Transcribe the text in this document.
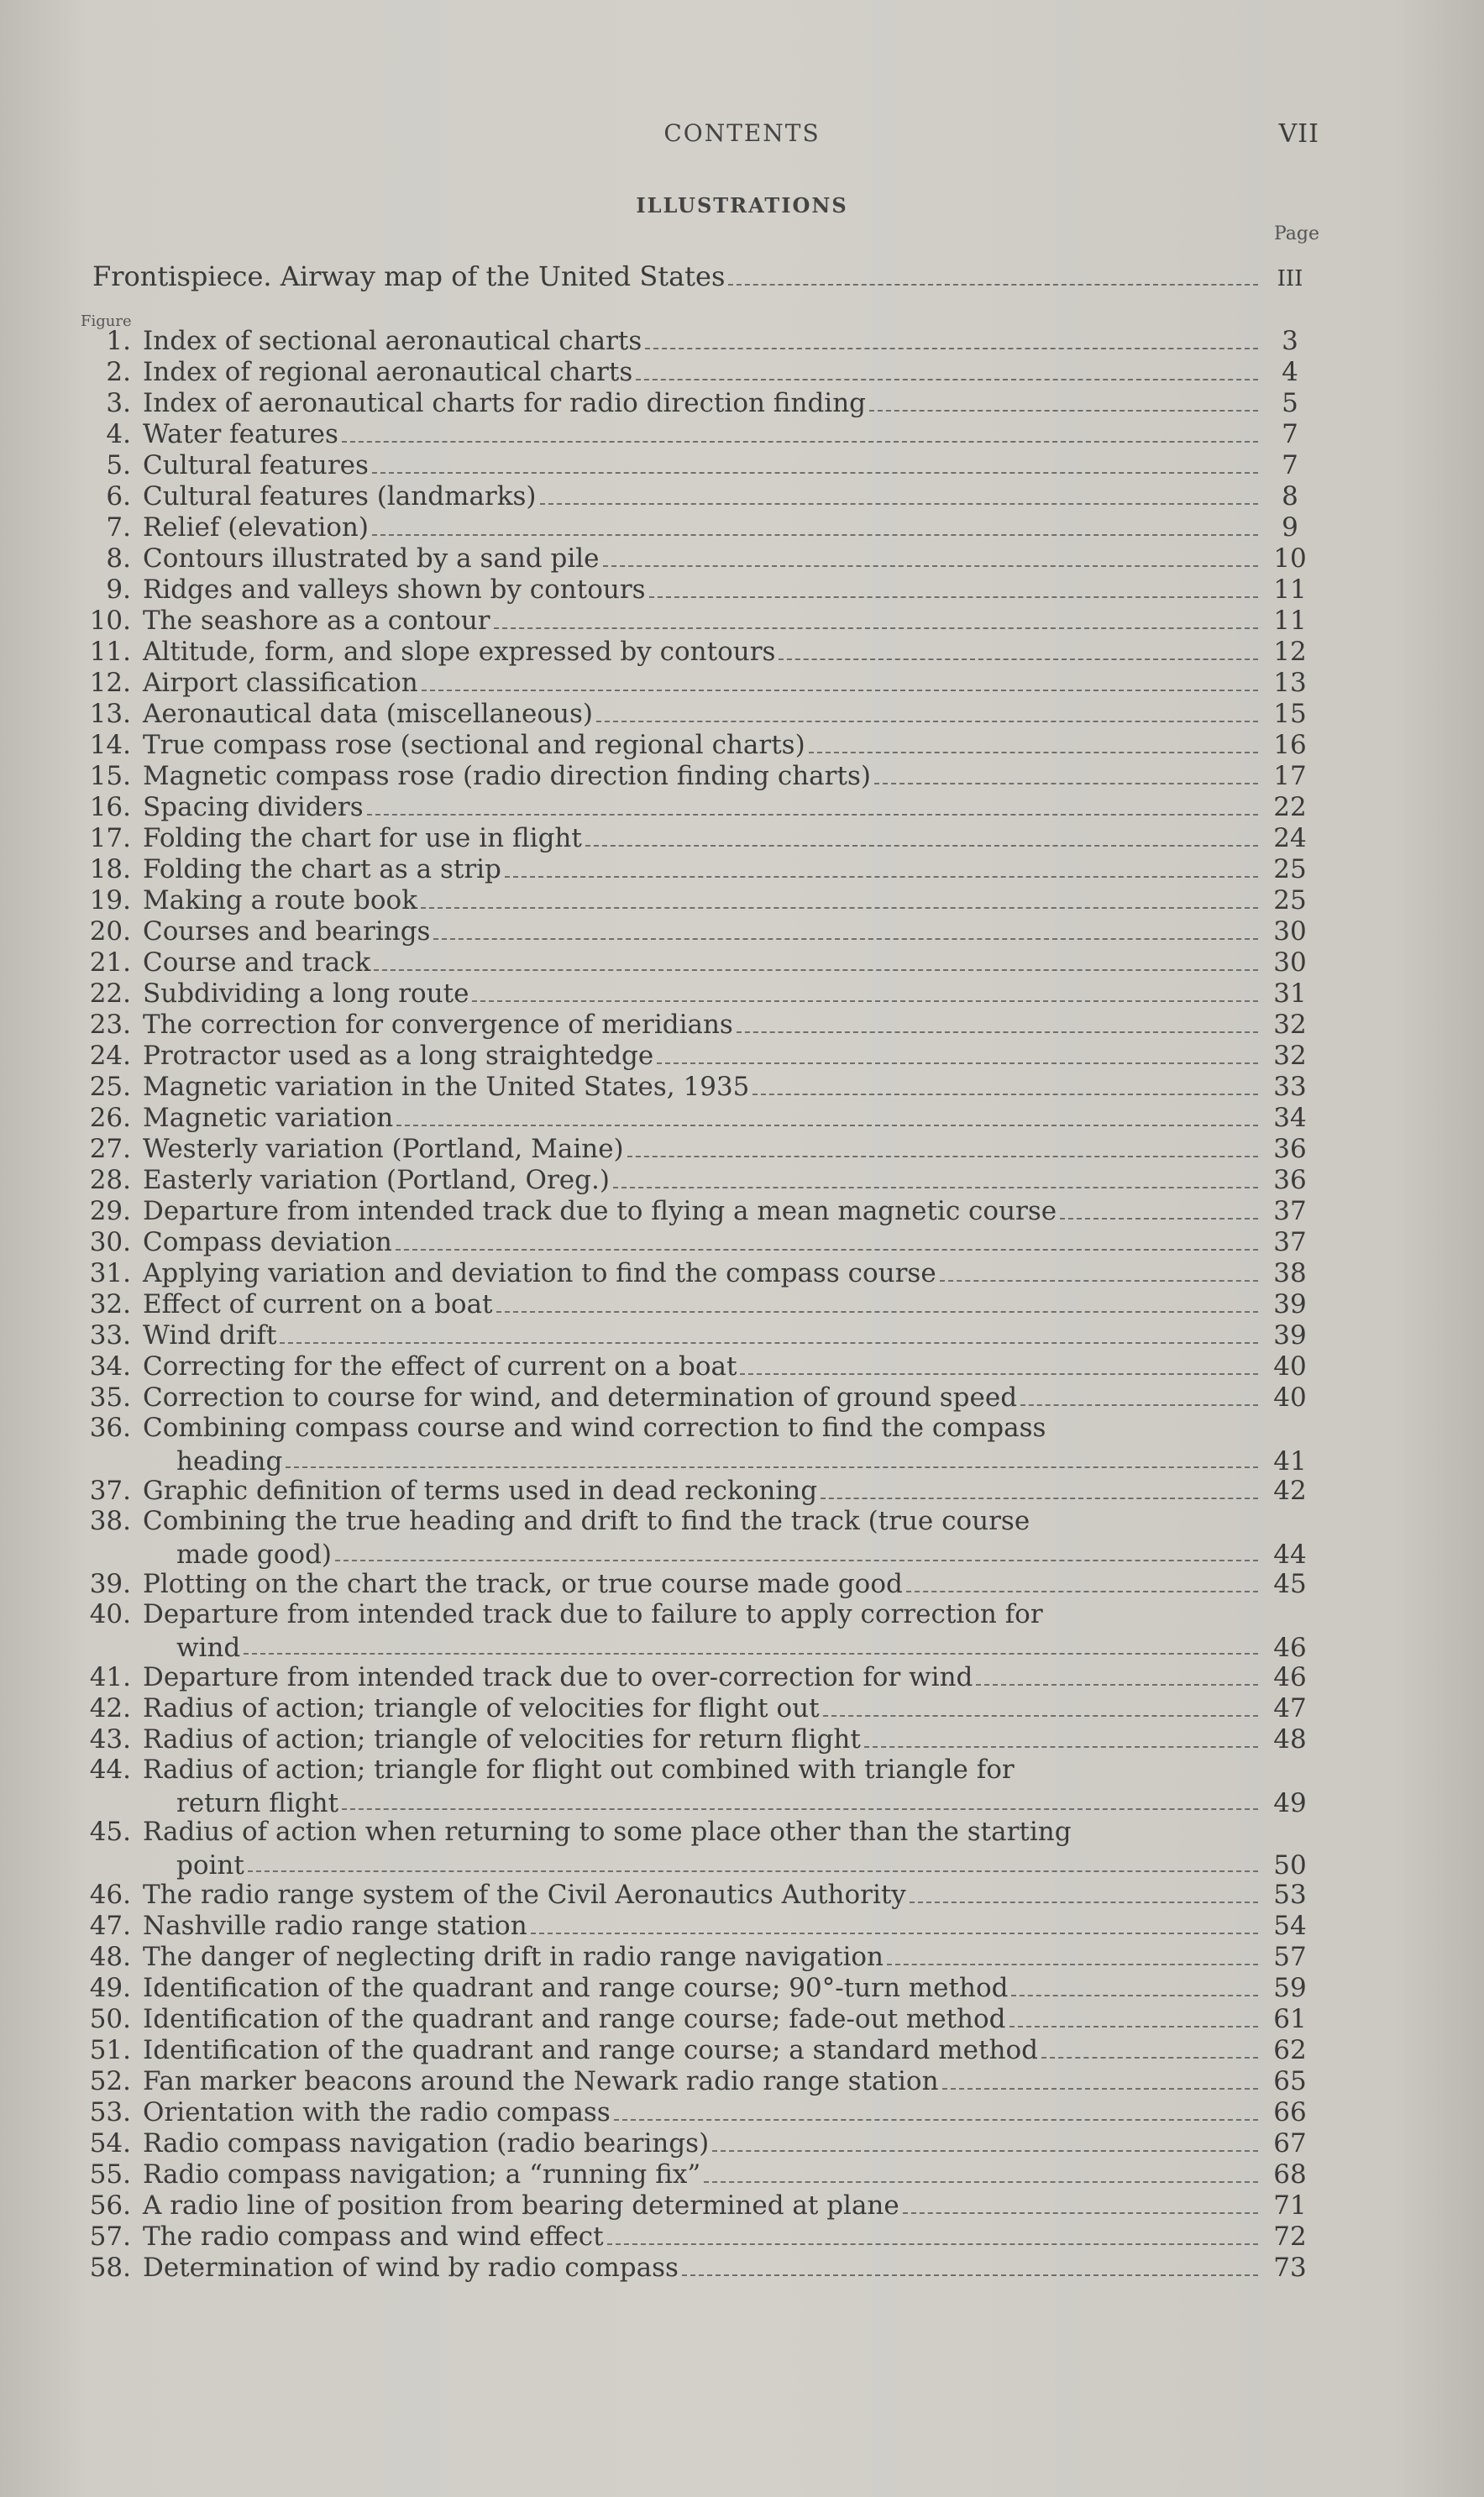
CONTENTS	VII
ILLUSTRATIONS
Page
Frontispiece. Airway map of the United States	III
Figure
1. Index of sectional aeronautical charts	3
2. Index of regional aeronautical charts	4
3. Index of aeronautical charts for radio direction finding	5
4. Water features	7
5. Cultural features	7
6. Cultural features (landmarks)	8
7. Relief (elevation)	9
8. Contours illustrated by a sand pile	10
9. Ridges and valleys shown by contours	11
10. The seashore as a contour	11
11. Altitude, form, and slope expressed by contours	12
12. Airport classification	13
13. Aeronautical data (miscellaneous)	15
14. True compass rose (sectional and regional charts)	16
15. Magnetic compass rose (radio direction finding charts)	17
16. Spacing dividers	22
17. Folding the chart for use in flight	24
18. Folding the chart as a strip	25
19. Making a route book	25
20. Courses and bearings	30
21. Course and track	30
22. Subdividing a long route	31
23. The correction for convergence of meridians	32
24. Protractor used as a long straightedge	32
25. Magnetic variation in the United States, 1935	33
26. Magnetic variation	34
27. Westerly variation (Portland, Maine)	36
28. Easterly variation (Portland, Oreg.)	36
29. Departure from intended track due to flying a mean magnetic course	37
30. Compass deviation	37
31. Applying variation and deviation to find the compass course	38
32. Effect of current on a boat	39
33. Wind drift	39
34. Correcting for the effect of current on a boat	40
35. Correction to course for wind, and determination of ground speed	40
36. Combining compass course and wind correction to find the compass
heading	41
37. Graphic definition of terms used in dead reckoning	42
38. Combining the true heading and drift to find the track (true course
made good)	44
39. Plotting on the chart the track, or true course made good	45
40. Departure from intended track due to failure to apply correction for
wind	46
41. Departure from intended track due to over-correction for wind	46
42. Radius of action; triangle of velocities for flight out	47
43. Radius of action; triangle of velocities for return flight	48
44. Radius of action; triangle for flight out combined with triangle for
return flight	49
45. Radius of action when returning to some place other than the starting
point	50
46. The radio range system of the Civil Aeronautics Authority	53
47. Nashville radio range station	54
48. The danger of neglecting drift in radio range navigation	57
49. Identification of the quadrant and range course; 90°-turn method	59
50. Identification of the quadrant and range course; fade-out method	61
51. Identification of the quadrant and range course; a standard method	62
52. Fan marker beacons around the Newark radio range station	65
53. Orientation with the radio compass	66
54. Radio compass navigation (radio bearings)	67
55. Radio compass navigation; a “running fix”	68
56. A radio line of position from bearing determined at plane	71
57. The radio compass and wind effect	72
58. Determination of wind by radio compass	73
